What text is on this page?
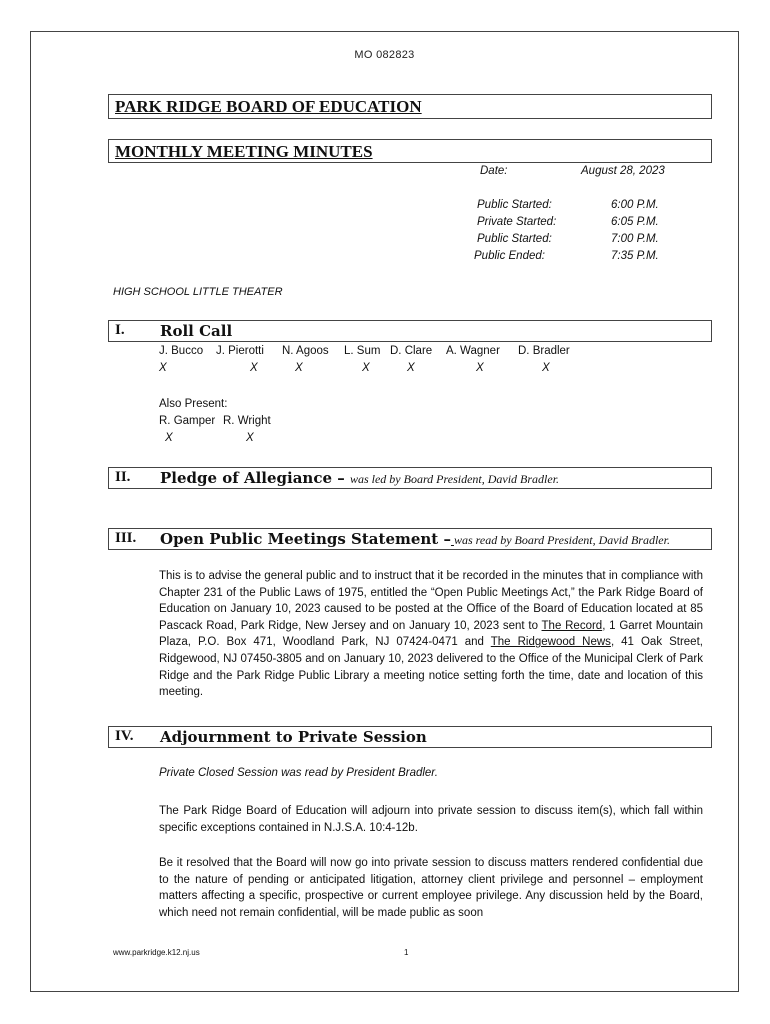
MO 082823
PARK RIDGE BOARD OF EDUCATION
MONTHLY MEETING MINUTES
Date:	August 28, 2023
Public Started:	6:00 P.M.
Private Started:	6:05 P.M.
Public Started:	7:00 P.M.
Public Ended:	7:35 P.M.
HIGH SCHOOL LITTLE THEATER
I. Roll Call
J. Bucco J. Pierotti N. Agoos L. Sum D. Clare A. Wagner D. Bradler
X	X	X	X	X	X	X
Also Present:
R. Gamper R. Wright
X	X
II. Pledge of Allegiance – was led by Board President, David Bradler.
III. Open Public Meetings Statement – was read by Board President, David Bradler.
This is to advise the general public and to instruct that it be recorded in the minutes that in compliance with Chapter 231 of the Public Laws of 1975, entitled the “Open Public Meetings Act,” the Park Ridge Board of Education on January 10, 2023 caused to be posted at the Office of the Board of Education located at 85 Pascack Road, Park Ridge, New Jersey and on January 10, 2023 sent to The Record, 1 Garret Mountain Plaza, P.O. Box 471, Woodland Park, NJ 07424-0471 and The Ridgewood News, 41 Oak Street, Ridgewood, NJ 07450-3805 and on January 10, 2023 delivered to the Office of the Municipal Clerk of Park Ridge and the Park Ridge Public Library a meeting notice setting forth the time, date and location of this meeting.
IV. Adjournment to Private Session
Private Closed Session was read by President Bradler.
The Park Ridge Board of Education will adjourn into private session to discuss item(s), which fall within specific exceptions contained in N.J.S.A. 10:4-12b.
Be it resolved that the Board will now go into private session to discuss matters rendered confidential due to the nature of pending or anticipated litigation, attorney client privilege and personnel – employment matters affecting a specific, prospective or current employee privilege. Any discussion held by the Board, which need not remain confidential, will be made public as soon
www.parkridge.k12.nj.us	1
